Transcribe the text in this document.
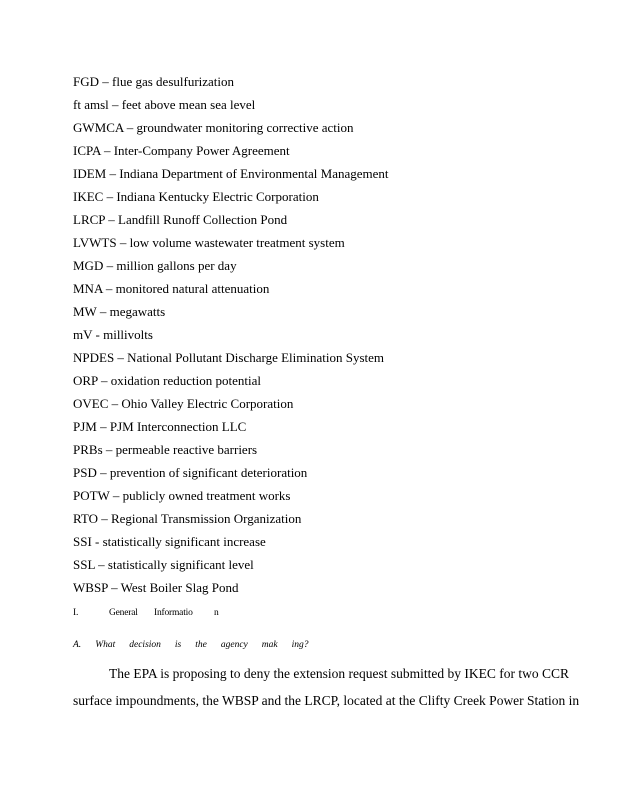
FGD – flue gas desulfurization
ft amsl – feet above mean sea level
GWMCA – groundwater monitoring corrective action
ICPA – Inter-Company Power Agreement
IDEM – Indiana Department of Environmental Management
IKEC – Indiana Kentucky Electric Corporation
LRCP – Landfill Runoff Collection Pond
LVWTS – low volume wastewater treatment system
MGD – million gallons per day
MNA – monitored natural attenuation
MW – megawatts
mV - millivolts
NPDES – National Pollutant Discharge Elimination System
ORP – oxidation reduction potential
OVEC – Ohio Valley Electric Corporation
PJM – PJM Interconnection LLC
PRBs – permeable reactive barriers
PSD – prevention of significant deterioration
POTW – publicly owned treatment works
RTO – Regional Transmission Organization
SSI - statistically significant increase
SSL – statistically significant level
WBSP – West Boiler Slag Pond
I.	General Informatio n
A. What decision is the agency mak ing?

The EPA is proposing to deny the extension request submitted by IKEC for two CCR surface impoundments, the WBSP and the LRCP, located at the Clifty Creek Power Station in
